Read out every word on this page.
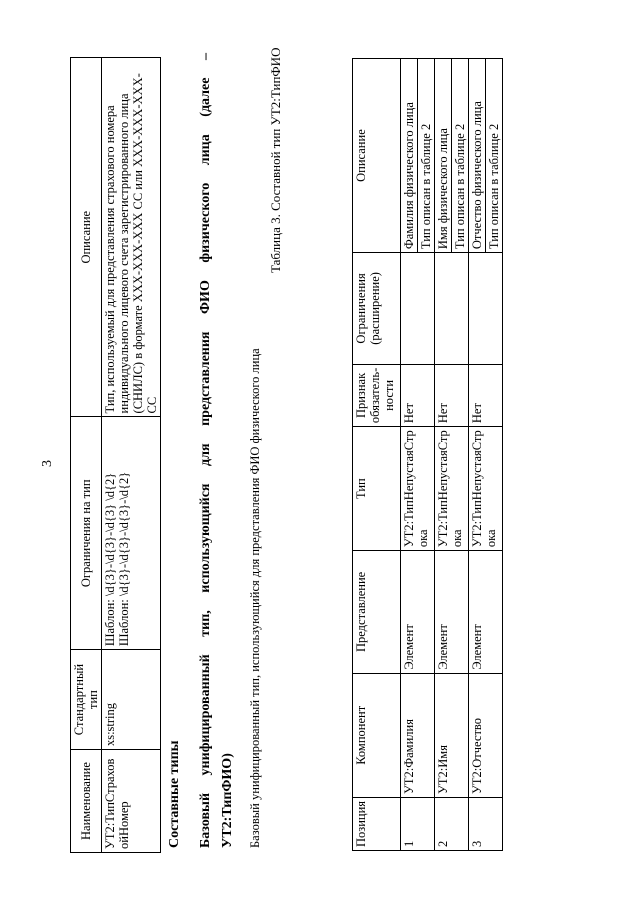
3
Наименование	Стандартный тип	Ограничения на тип	Описание
УТ2:ТипСтраховойНомер	xs:string	Шаблон: \d{3}-\d{3}-\d{3} \d{2} Шаблон: \d{3}-\d{3}-\d{3}-\d{2}	Тип, используемый для представления страхового номера индивидуального лицевого счета зарегистрированного лица (СНИЛС) в формате XXX-XXX-XXX CC или XXX-XXX-XXX-CC
Составные типы Базовый унифицированный тип, использующийся для представления ФИО физического лица (далее – УТ2:ТипФИО) Базовый унифицированный тип, использующийся для представления ФИО физического лица
Таблица 3. Составной тип УТ2:ТипФИО
Позиция	Компонент	Представление	Тип	Признак обязатель-ности	Ограничения (расширение)	Описание
1	УТ2:Фамилия	Элемент	УТ2:ТипНепустаяСтрока	Нет		Фамилия физического лица Тип описан в таблице 2

2	УТ2:Имя	Элемент	УТ2:ТипНепустаяСтрока	Нет		Имя физического лица Тип описан в таблице 2

3	УТ2:Отчество	Элемент	УТ2:ТипНепустаяСтрока	Нет		Отчество физического лица Тип описан в таблице 2
